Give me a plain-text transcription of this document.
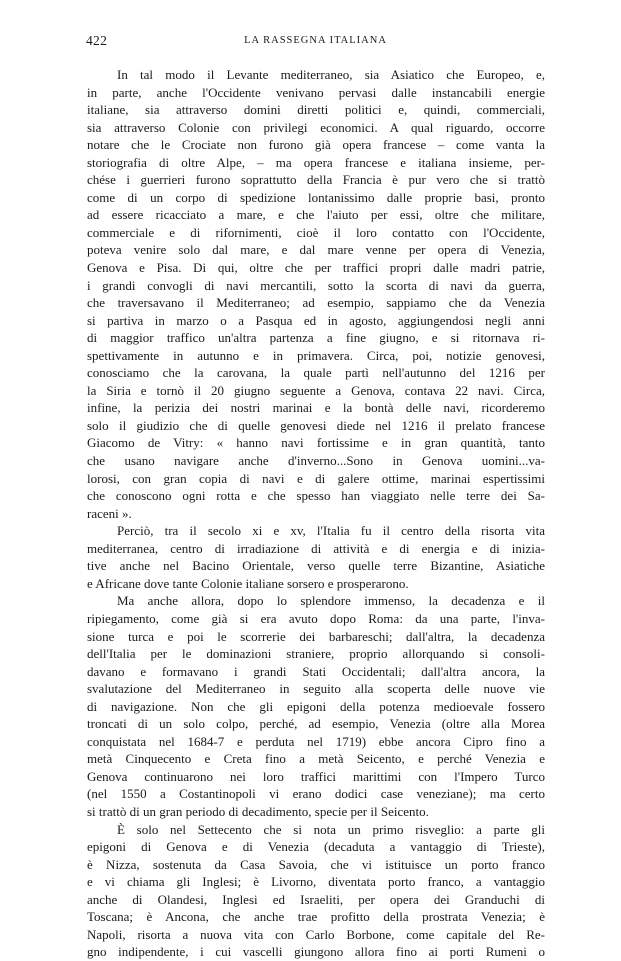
422	LA RASSEGNA ITALIANA
In tal modo il Levante mediterraneo, sia Asiatico che Europeo, e,
in parte, anche l'Occidente venivano pervasi dalle instancabili energie
italiane, sia attraverso domini diretti politici e, quindi, commerciali,
sia attraverso Colonie con privilegi economici. A qual riguardo, occorre
notare che le Crociate non furono già opera francese – come vanta la
storiografia di oltre Alpe, – ma opera francese e italiana insieme, per-
chése i guerrieri furono soprattutto della Francia è pur vero che si trattò
come di un corpo di spedizione lontanissimo dalle proprie basi, pronto
ad essere ricacciato a mare, e che l'aiuto per essi, oltre che militare,
commerciale e di rifornimenti, cioè il loro contatto con l'Occidente,
poteva venire solo dal mare, e dal mare venne per opera di Venezia,
Genova e Pisa. Di qui, oltre che per traffici propri dalle madri patrie,
i grandi convogli di navi mercantili, sotto la scorta di navi da guerra,
che traversavano il Mediterraneo; ad esempio, sappiamo che da Venezia
si partiva in marzo o a Pasqua ed in agosto, aggiungendosi negli anni
di maggior traffico un'altra partenza a fine giugno, e si ritornava ri-
spettivamente in autunno e in primavera. Circa, poi, notizie genovesi,
conosciamo che la carovana, la quale partì nell'autunno del 1216 per
la Siria e tornò il 20 giugno seguente a Genova, contava 22 navi. Circa,
infine, la perizia dei nostri marinai e la bontà delle navi, ricorderemo
solo il giudizio che di quelle genovesi diede nel 1216 il prelato francese
Giacomo de Vitry: « hanno navi fortissime e in gran quantità, tanto
che usano navigare anche d'inverno...Sono in Genova uomini...va-
lorosi, con gran copia di navi e di galere ottime, marinai espertissimi
che conoscono ogni rotta e che spesso han viaggiato nelle terre dei Sa-
raceni ».
Perciò, tra il secolo xi e xv, l'Italia fu il centro della risorta vita
mediterranea, centro di irradiazione di attività e di energia e di inizia-
tive anche nel Bacino Orientale, verso quelle terre Bizantine, Asiatiche
e Africane dove tante Colonie italiane sorsero e prosperarono.
Ma anche allora, dopo lo splendore immenso, la decadenza e il
ripiegamento, come già si era avuto dopo Roma: da una parte, l'inva-
sione turca e poi le scorrerie dei barbareschi; dall'altra, la decadenza
dell'Italia per le dominazioni straniere, proprio allorquando si consoli-
davano e formavano i grandi Stati Occidentali; dall'altra ancora, la
svalutazione del Mediterraneo in seguito alla scoperta delle nuove vie
di navigazione. Non che gli epigoni della potenza medioevale fossero
troncati di un solo colpo, perché, ad esempio, Venezia (oltre alla Morea
conquistata nel 1684-7 e perduta nel 1719) ebbe ancora Cipro fino a
metà Cinquecento e Creta fino a metà Seicento, e perché Venezia e
Genova continuarono nei loro traffici marittimi con l'Impero Turco
(nel 1550 a Costantinopoli vi erano dodici case veneziane); ma certo
si trattò di un gran periodo di decadimento, specie per il Seicento.
È solo nel Settecento che si nota un primo risveglio: a parte gli
epigoni di Genova e di Venezia (decaduta a vantaggio di Trieste),
è Nizza, sostenuta da Casa Savoia, che vi istituisce un porto franco
e vi chiama gli Inglesi; è Livorno, diventata porto franco, a vantaggio
anche di Olandesi, Inglesi ed Israeliti, per opera dei Granduchi di
Toscana; è Ancona, che anche trae profitto della prostrata Venezia; è
Napoli, risorta a nuova vita con Carlo Borbone, come capitale del Re-
gno indipendente, i cui vascelli giungono allora fino ai porti Rumeni o
